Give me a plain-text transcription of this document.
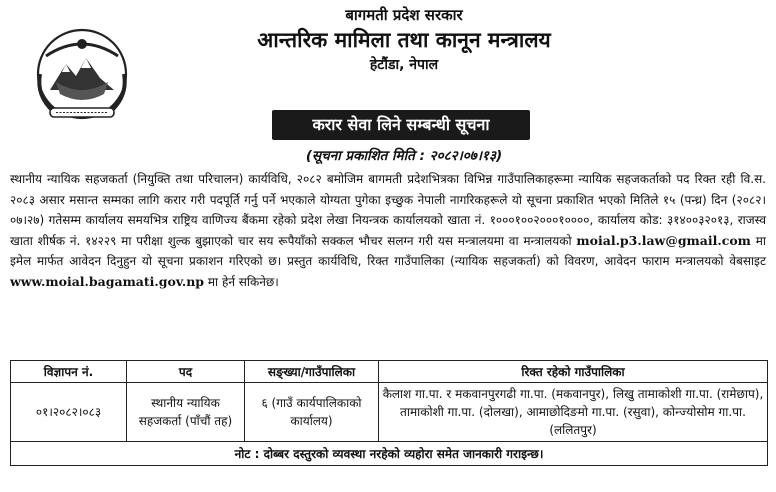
बागमती प्रदेश सरकार
आन्तरिक मामिला तथा कानून मन्त्रालय
हेटौंडा, नेपाल
करार सेवा लिने सम्बन्धी सूचना
(सूचना प्रकाशित मिति : २०८२।०७।१३)

स्थानीय न्यायिक सहजकर्ता (नियुक्ति तथा परिचालन) कार्यविधि, २०८२ बमोजिम बागमती प्रदेशभित्रका विभिन्न गाउँपालिकाहरूमा न्यायिक सहजकर्ताको पद रिक्त रही वि.स. २०८३ असार मसान्त सम्मका लागि करार गरी पदपूर्ति गर्नु पर्ने भएकाले योग्यता पुगेका इच्छुक नेपाली नागरिकहरूले यो सूचना प्रकाशित भएको मितिले १५ (पन्ध्र) दिन (२०८२।०७।२७) गतेसम्म कार्यालय समयभित्र राष्ट्रिय वाणिज्य बैंकमा रहेको प्रदेश लेखा नियन्त्रक कार्यालयको खाता नं. १०००१००२०००१००००, कार्यालय कोड: ३१४००३२०१३, राजस्व खाता शीर्षक नं. १४२२९ मा परीक्षा शुल्क बुझाएको चार सय रूपैयाँको सक्कल भौचर सलग्न गरी यस मन्त्रालयमा वा मन्त्रालयको moial.p3.law@gmail.com मा इमेल मार्फत आवेदन दिनुहुन यो सूचना प्रकाशन गरिएको छ। प्रस्तुत कार्यविधि, रिक्त गाउँपालिका (न्यायिक सहजकर्ता) को विवरण, आवेदन फाराम मन्त्रालयको वेबसाइट www.moial.bagamati.gov.np मा हेर्न सकिनेछ।

विज्ञापन नं.	पद	सङ्ख्या/गाउँपालिका	रिक्त रहेको गाउँपालिका
०१।२०८२।०८३	स्थानीय न्यायिक सहजकर्ता (पाँचौं तह)	६ (गाउँ कार्यपालिकाको कार्यालय)	कैलाश गा.पा. र मकवानपुरगढी गा.पा. (मकवानपुर), लिखु तामाकोशी गा.पा. (रामेछाप), तामाकोशी गा.पा. (दोलखा), आमाछोदिङमो गा.पा. (रसुवा), कोन्ज्योसोम गा.पा. (ललितपुर)
नोट : दोब्बर दस्तुरको व्यवस्था नरहेको व्यहोरा समेत जानकारी गराइन्छ।			
